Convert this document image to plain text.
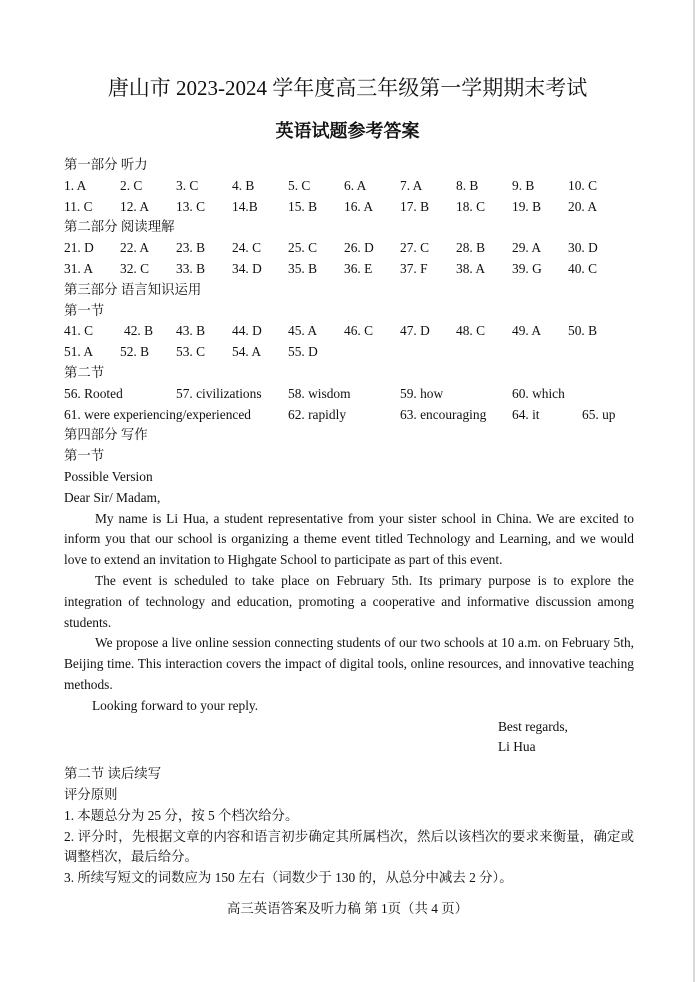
唐山市 2023-2024 学年度高三年级第一学期期末考试
英语试题参考答案
第一部分 听力
1. A	2. C	3. C	4. B	5. C	6. A	7. A	8. B	9. B	10. C
11. C 12. A 13. C 14.B 15. B 16. A 17. B 18. C 19. B 20. A
第二部分 阅读理解
21. D 22. A 23. B 24. C 25. C 26. D 27. C 28. B 29. A 30. D
31. A 32. C 33. B 34. D 35. B 36. E 37. F 38. A 39. G 40. C
第三部分 语言知识运用
第一节
41. C 42. B 43. B 44. D 45. A 46. C 47. D 48. C 49. A 50. B
51. A 52. B 53. C 54. A 55. D
第二节
56. Rooted	57. civilizations 58. wisdom	59. how	60. which
61. were experiencing/experienced	62. rapidly	63. encouraging 64. it	65. up
第四部分 写作
第一节
Possible Version
Dear Sir/ Madam,
My name is Li Hua, a student representative from your sister school in China. We are excited to inform you that our school is organizing a theme event titled Technology and Learning, and we would love to extend an invitation to Highgate School to participate as part of this event.
The event is scheduled to take place on February 5th. Its primary purpose is to explore the integration of technology and education, promoting a cooperative and informative discussion among students.
We propose a live online session connecting students of our two schools at 10 a.m. on February 5th, Beijing time. This interaction covers the impact of digital tools, online resources, and innovative teaching methods.
Looking forward to your reply.
Best regards,
Li Hua
第二节 读后续写
评分原则
1. 本题总分为 25 分，按 5 个档次给分。
2. 评分时，先根据文章的内容和语言初步确定其所属档次，然后以该档次的要求来衡量，确定或调整档次，最后给分。
3. 所续写短文的词数应为 150 左右（词数少于 130 的，从总分中减去 2 分）。
高三英语答案及听力稿 第 1页（共 4 页）
